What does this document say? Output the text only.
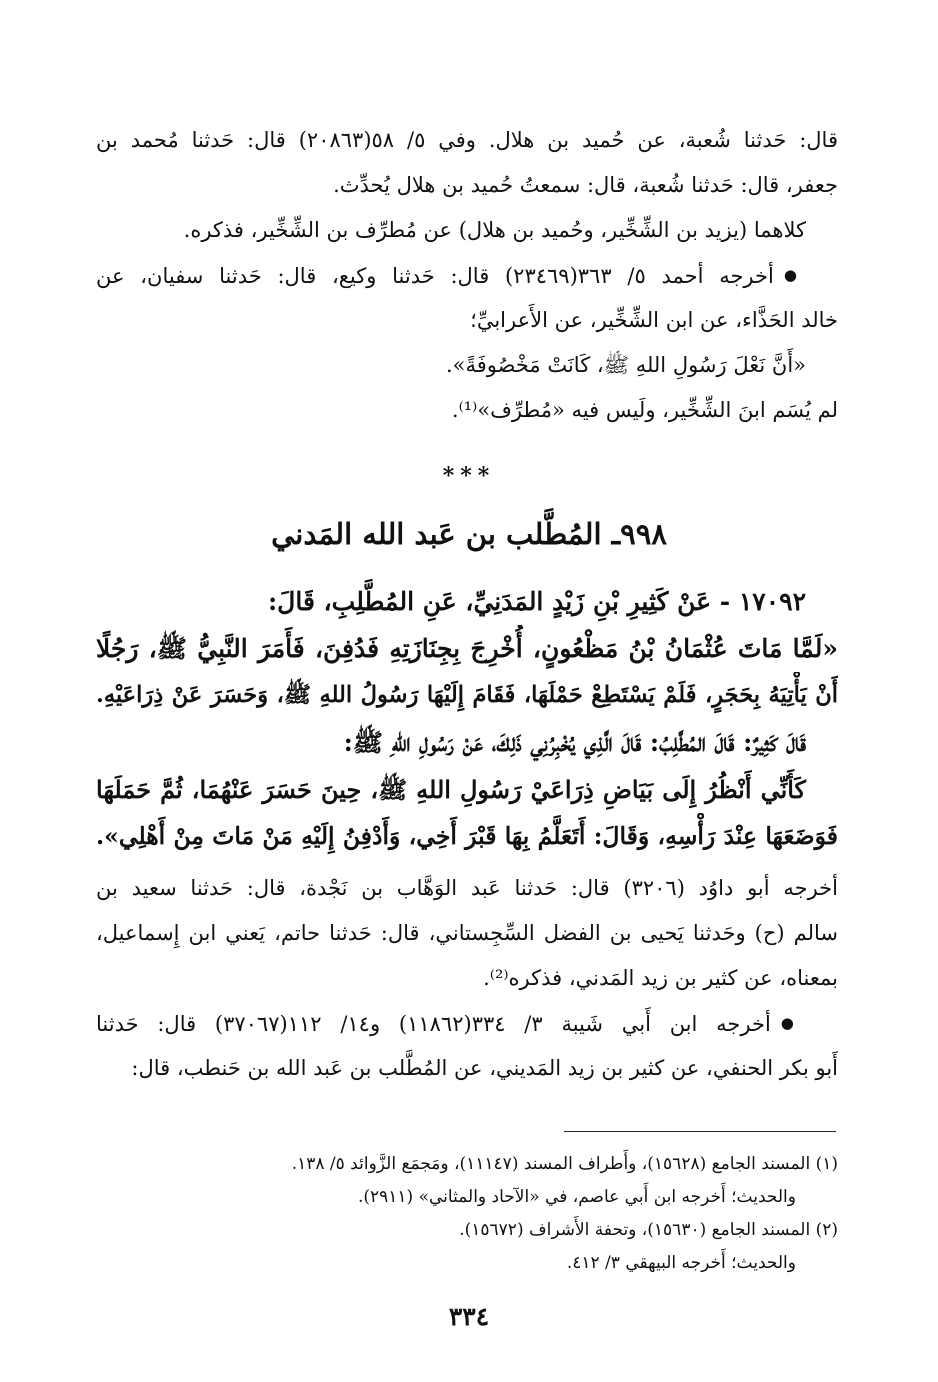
قال: حَدثنا شُعبة، عن حُميد بن هلال. وفي ٥/ ٥٨(٢٠٨٦٣) قال: حَدثنا مُحمد بن
جعفر، قال: حَدثنا شُعبة، قال: سمعتُ حُميد بن هلال يُحدِّث.
كلاهما (يزيد بن الشِّخِّير، وحُميد بن هلال) عن مُطرِّف بن الشِّخِّير، فذكره.
● أخرجه أحمد ٥/ ٣٦٣(٢٣٤٦٩) قال: حَدثنا وكيع، قال: حَدثنا سفيان، عن
خالد الحَذَّاء، عن ابن الشِّخِّير، عن الأَعرابيِّ؛
«أَنَّ نَعْلَ رَسُولِ اللهِ ﷺ، كَانَتْ مَخْصُوفَةً».
لم يُسَم ابنَ الشِّخِّير، ولَيس فيه «مُطرِّف»⁽¹⁾.
***
٩٩٨ـ المُطَّلب بن عَبد الله المَدني
١٧٠٩٢ - عَنْ كَثِيرِ بْنِ زَيْدٍ المَدَنِيِّ، عَنِ المُطَّلِبِ، قَالَ:
«لَمَّا مَاتَ عُثْمَانُ بْنُ مَظْعُونٍ، أُخْرِجَ بِجِنَازَتِهِ فَدُفِنَ، فَأَمَرَ النَّبِيُّ ﷺ، رَجُلًا
أَنْ يَأْتِيَهُ بِحَجَرٍ، فَلَمْ يَسْتَطِعْ حَمْلَهَا، فَقَامَ إِلَيْهَا رَسُولُ اللهِ ﷺ، وَحَسَرَ عَنْ ذِرَاعَيْهِ.
قَالَ كَثِيرٌ: قَالَ المُطَّلِبُ: قَالَ الَّذِي يُخْبِرُنِي ذَلِكَ، عَنْ رَسُولِ اللهِ ﷺ:
كَأَنِّي أَنْظُرُ إِلَى بَيَاضِ ذِرَاعَيْ رَسُولِ اللهِ ﷺ، حِينَ حَسَرَ عَنْهُمَا، ثُمَّ حَمَلَهَا
فَوَضَعَهَا عِنْدَ رَأْسِهِ، وَقَالَ: أَتَعَلَّمُ بِهَا قَبْرَ أَخِي، وَأَدْفِنُ إِلَيْهِ مَنْ مَاتَ مِنْ أَهْلِي».
أخرجه أبو داوُد (٣٢٠٦) قال: حَدثنا عَبد الوَهَّاب بن نَجْدة، قال: حَدثنا سعيد بن
سالم (ح) وحَدثنا يَحيى بن الفضل السِّجِستاني، قال: حَدثنا حاتم، يَعني ابن إِسماعيل،
بمعناه، عن كثير بن زيد المَدني، فذكره⁽²⁾.
● أخرجه ابن أَبي شَيبة ٣/ ٣٣٤(١١٨٦٢) و١٤/ ١١٢(٣٧٠٦٧) قال: حَدثنا
أَبو بكر الحنفي، عن كثير بن زيد المَديني، عن المُطَّلب بن عَبد الله بن حَنطب، قال:
(١) المسند الجامع (١٥٦٢٨)، وأَطراف المسند (١١١٤٧)، ومَجمَع الزَّوائد ٥/ ١٣٨.
والحديث؛ أَخرجه ابن أَبي عاصم، في «الآحاد والمثاني» (٢٩١١).
(٢) المسند الجامع (١٥٦٣٠)، وتحفة الأَشراف (١٥٦٧٢).
والحديث؛ أَخرجه البيهقي ٣/ ٤١٢.
٣٣٤
